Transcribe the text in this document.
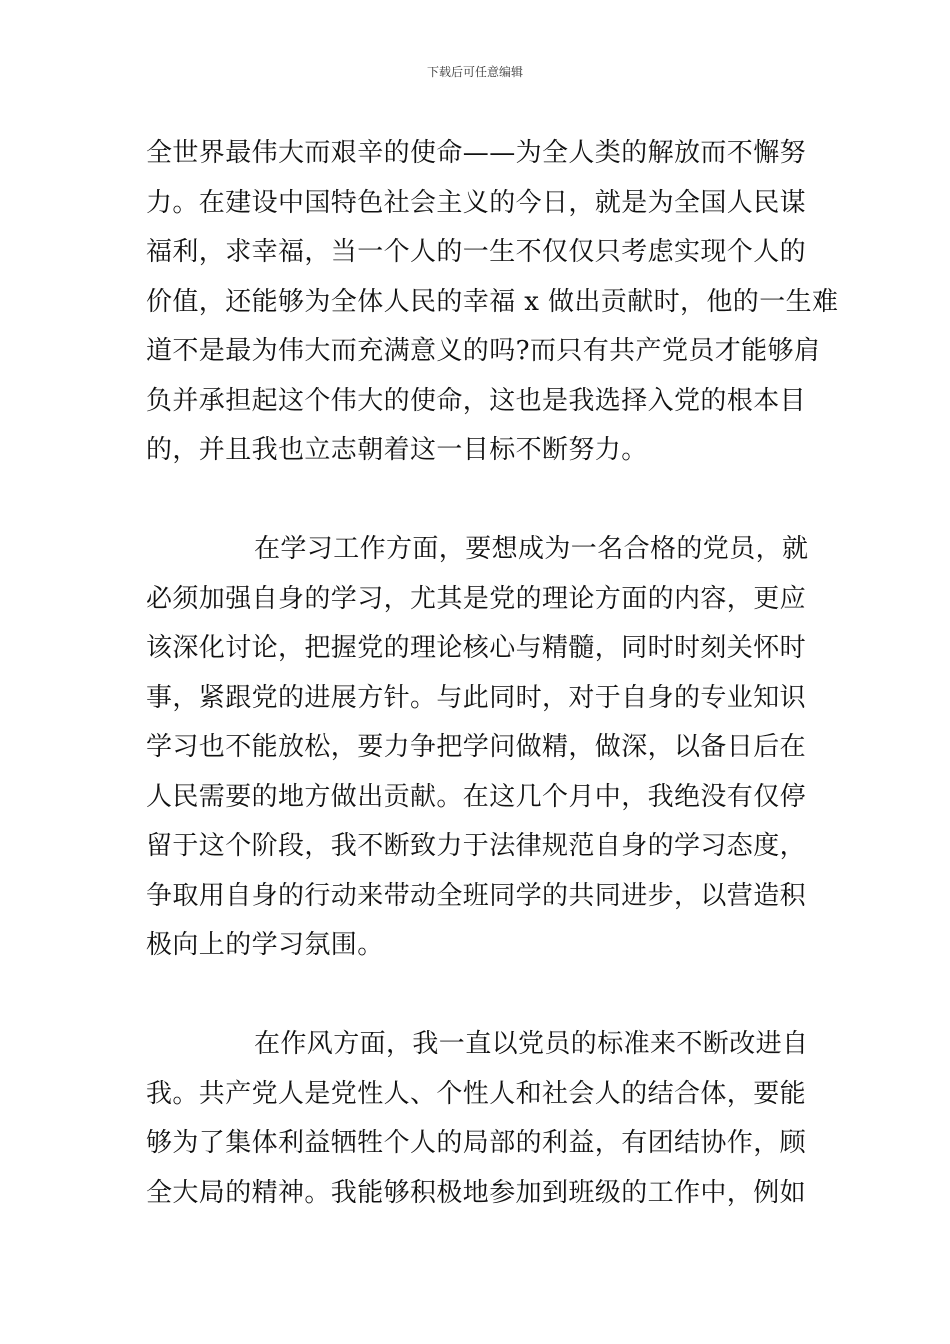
下载后可任意编辑
全世界最伟大而艰辛的使命——为全人类的解放而不懈努
力。在建设中国特色社会主义的今日，就是为全国人民谋
福利，求幸福，当一个人的一生不仅仅只考虑实现个人的
价值，还能够为全体人民的幸福 x 做出贡献时，他的一生难
道不是最为伟大而充满意义的吗?而只有共产党员才能够肩
负并承担起这个伟大的使命，这也是我选择入党的根本目
的，并且我也立志朝着这一目标不断努力。
在学习工作方面，要想成为一名合格的党员，就
必须加强自身的学习，尤其是党的理论方面的内容，更应
该深化讨论，把握党的理论核心与精髓，同时时刻关怀时
事，紧跟党的进展方针。与此同时，对于自身的专业知识
学习也不能放松，要力争把学问做精，做深，以备日后在
人民需要的地方做出贡献。在这几个月中，我绝没有仅停
留于这个阶段，我不断致力于法律规范自身的学习态度，
争取用自身的行动来带动全班同学的共同进步，以营造积
极向上的学习氛围。
在作风方面，我一直以党员的标准来不断改进自
我。共产党人是党性人、个性人和社会人的结合体，要能
够为了集体利益牺牲个人的局部的利益，有团结协作，顾
全大局的精神。我能够积极地参加到班级的工作中，例如
